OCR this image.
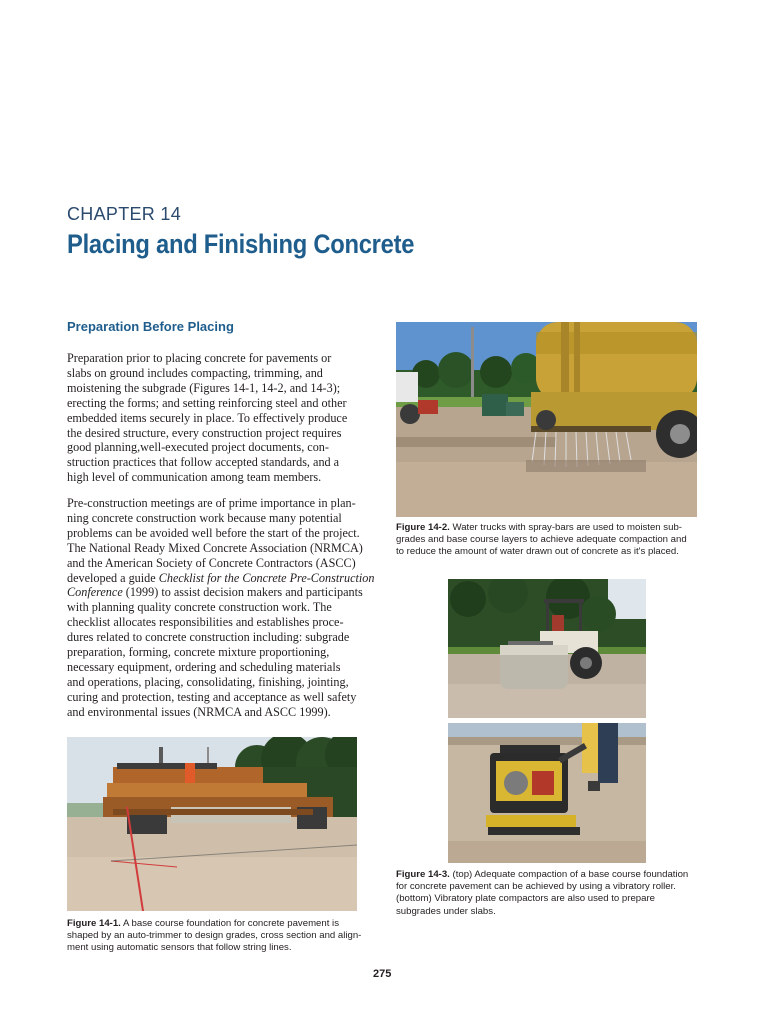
CHAPTER 14
Placing and Finishing Concrete
Preparation Before Placing
Preparation prior to placing concrete for pavements or
slabs on ground includes compacting, trimming, and
moistening the subgrade (Figures 14-1, 14-2, and 14-3);
erecting the forms; and setting reinforcing steel and other
embedded items securely in place. To effectively produce
the desired structure, every construction project requires
good planning,well-executed project documents, con-
struction practices that follow accepted standards, and a
high level of communication among team members.
Pre-construction meetings are of prime importance in plan-
ning concrete construction work because many potential
problems can be avoided well before the start of the project.
The National Ready Mixed Concrete Association (NRMCA)
and the American Society of Concrete Contractors (ASCC)
developed a guide Checklist for the Concrete Pre-Construction
Conference (1999) to assist decision makers and participants
with planning quality concrete construction work. The
checklist allocates responsibilities and establishes proce-
dures related to concrete construction including: subgrade
preparation, forming, concrete mixture proportioning,
necessary equipment, ordering and scheduling materials
and operations, placing, consolidating, finishing, jointing,
curing and protection, testing and acceptance as well safety
and environmental issues (NRMCA and ASCC 1999).
Figure 14-2. Water trucks with spray-bars are used to moisten sub-
grades and base course layers to achieve adequate compaction and
to reduce the amount of water drawn out of concrete as it's placed.
Figure 14-3. (top) Adequate compaction of a base course foundation
for concrete pavement can be achieved by using a vibratory roller.
(bottom) Vibratory plate compactors are also used to prepare
subgrades under slabs.
Figure 14-1. A base course foundation for concrete pavement is
shaped by an auto-trimmer to design grades, cross section and align-
ment using automatic sensors that follow string lines.
275
